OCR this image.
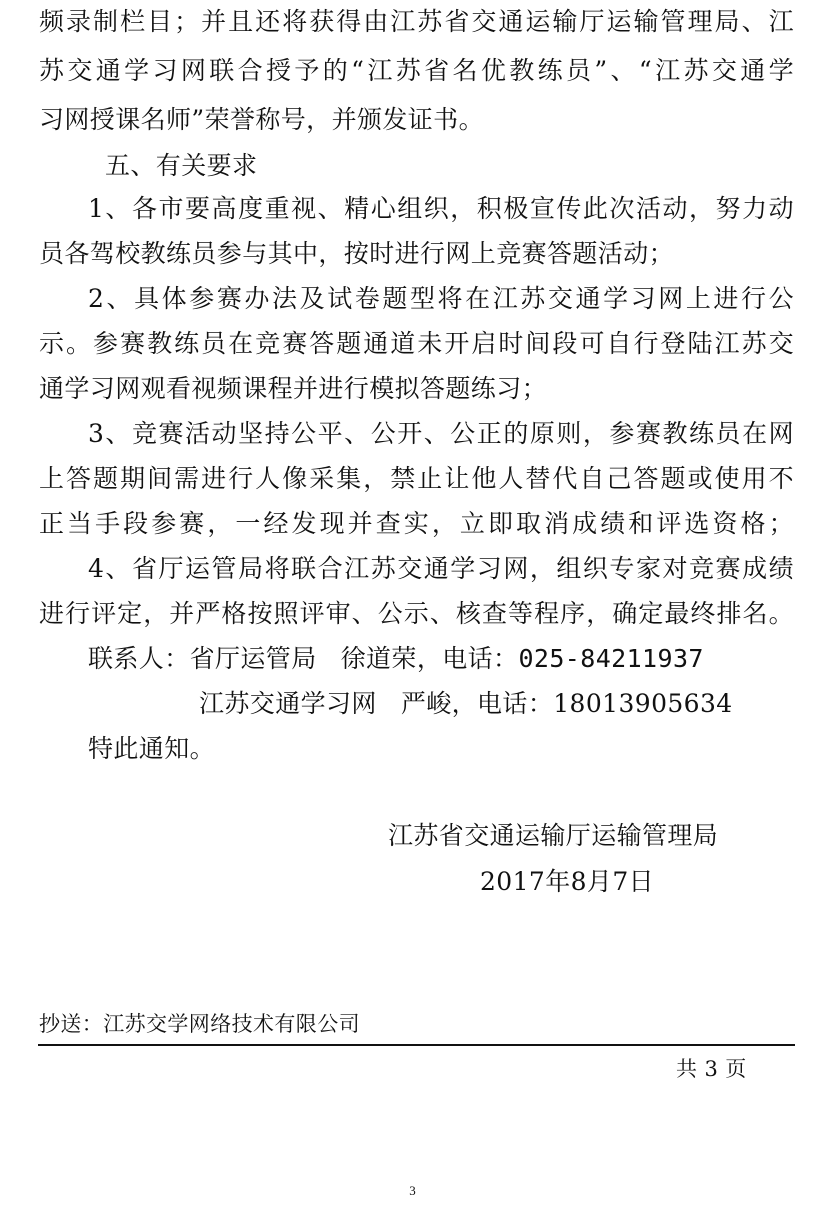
频录制栏目；并且还将获得由江苏省交通运输厅运输管理局、江
苏交通学习网联合授予的“江苏省名优教练员”、“江苏交通学
习网授课名师”荣誉称号，并颁发证书。
五、有关要求
1、各市要高度重视、精心组织，积极宣传此次活动，努力动
员各驾校教练员参与其中，按时进行网上竞赛答题活动；
2、具体参赛办法及试卷题型将在江苏交通学习网上进行公
示。参赛教练员在竞赛答题通道未开启时间段可自行登陆江苏交
通学习网观看视频课程并进行模拟答题练习；
3、竞赛活动坚持公平、公开、公正的原则，参赛教练员在网
上答题期间需进行人像采集，禁止让他人替代自己答题或使用不
正当手段参赛，一经发现并查实，立即取消成绩和评选资格；
4、省厅运管局将联合江苏交通学习网，组织专家对竞赛成绩
进行评定，并严格按照评审、公示、核查等程序，确定最终排名。
联系人：省厅运管局 徐道荣，电话：025-84211937
江苏交通学习网 严峻，电话：18013905634
特此通知。
江苏省交通运输厅运输管理局
2017年8月7日
抄送：江苏交学网络技术有限公司
共 3 页
3
